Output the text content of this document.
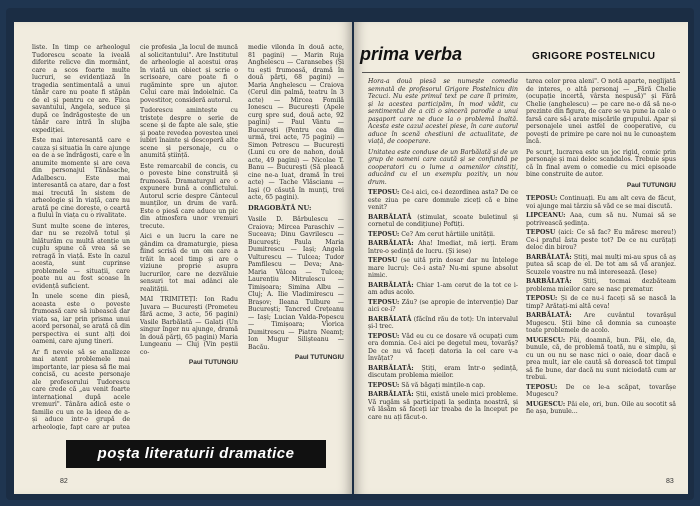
liste. În timp ce arheologul Tudorescu scoate la iveală diferite relicve din mormânt, care a scos foarte multe lucruri, se evidențiază în tragedia sentimentală a unui tânăr care nu poate fi stăpân de el și pentru ce are. Fiica savantului, Angela, seduce și după ce îndrăgostește de un tânăr care intră în slujba expediției.

Este mai interesantă care e cauza și situația în care ajunge ea de a se îndrăgosti, care e în anumite momente și are ceva din personajul Tănăsache, Adalbescu. Este mai interesantă ca atare, dar a fost mai trecută în sistem de arheologie și în viață, care nu arată pe cine dorește, o ceartă a fiului în viața cu o rivalitate.

Sunt multe scene de interes, dar nu se rezolvă totul și înlăturăm cu multă atenție un cuplu spune că vrea să se retragă în viață. Este în cazul acesta, sunt cuprinse problemele — situații, care poate nu au fost scoase în evidență suficient.

În unele scene din piesă, aceasta este o poveste frumoasă care să iubească dar viața sa, iar prin prisma unui acord personal, se arată că din perspectiva ei sunt alți doi oameni, care ajung tineri.

Ar fi nevoie să se analizeze mai atent problemele mai importante, iar piesa să fie mai concisă, cu aceste personaje ale profesorului Tudorescu care crede că „au venit foarte internațional după acele vremuri". Tânăra adică este o familie cu un ce la ideea de a-și aduce intr-o grupă de arheologie, fapt care ar putea

cie profesia „la locul de muncă al solicitantului". Are Institutul de arheologie al acestui oraș în viață un obiect și scrie o scrisoare, care poate fi o rugăminte spre un ajutor. Celui care mai îndoielnic. Ca povestitor, consideră autorul.

Tudorescu amintește cu tristețe despre o serie de scene și de fapte ale sale, știe și poate revedea povestea unei iubiri înainte și descoperă alte scene și personaje, cu o anumită știință.

Este remarcabil de concis, cu o poveste bine construită și frumoasă. Dramaturgul are o expunere bună a conflictului. Autorul scrie despre Cântecul munților, un drum de vară. Este o piesă care aduce un pic din atmosfera unor vremuri trecute.

Aici e un lucru la care ne gândim ca dramaturgie, piesa fiind scrisă de un om care a trăit în acel timp și are o viziune proprie asupra lucrurilor, care ne dezvăluie sensuri tot mai adânci ale realității.

MAI TRIMITEȚI: Ion Radu Juvara — București (Prometeu fără acme, 3 acte, 56 pagini) Vasile Barbălată — Galați (Un singur înger nu ajunge, dramă în două părți, 65 pagini) Maria Lungeanu — Cluj (Vin peștii co-

Paul TUTUNGIU

medie vilonda în două acte, 81 pagini) — Marin Ruja Anghelescu — Caransebeș (Și tu ești frumoasă, dramă în două părți, 68 pagini) — Maria Anghelescu — Craiova (Cerul din palmă, teatru în 3 acte) — Mircea Fomilă Ionescu — București (Apele curg spre sud, două acte, 92 pagini) — Paul Vântu — București (Pentru cea din urmă, trei acte, 75 pagini) — Simon Petrescu — București (Luni cu ore de nahon, două acte, 49 pagini) — Nicolae T. Banu — București (Să pleacă cine ne-a luat, dramă în trei acte) — Tache Vlăscianu — Iași (O căsuță în munți, trei acte, 65 pagini).

DRAGOBĂTĂ NU:

Vasile D. Bărbulescu — Craiova; Mircea Paraschiv — Suceava; Dinu Gavrilescu — București; Paula Maria Dumitrescu — Iași; Angela Vulturescu — Tulcea; Tudor Pamfilescu — Deva; Ana-Maria Vâlcea — Tulcea; Laurențiu Mitrulescu — Timișoara; Simina Albu — Cluj; A. Ilie Vladimirescu — Brașov; Ileana Tulbure — București; Tancred Crețeanu — Iași; Lucian Valda-Popescu — Timișoara; Viorica Dumitrescu — Piatra Neamț; Ion Mugur Silișteanu — Bacău.

Paul TUTUNGIU
poșta literaturii dramatice
82
prima verba	GRIGORE POSTELNICU

Hora-a două piesă se numește comedia semnată de profesorul Grigore Postelnicu din Tecuci. Nu este primul text pe care îl primim, și la acestea participăm, în mod vădit, cu sentimentul de a citi o sinceră parodie a unui pașaport care ne duce la o problemă înaltă. Acesta este cazul acestei piese, în care autorul aduce în scenă chestiuni de actualitate, de viață, de cooperare.

Unitatea este conduse de un Barbălată și de un grup de oameni care caută și se confundă pe cooperatori cu o lume a oamenilor cinstiți, aducând cu el un exemplu pozitiv, un nou drum.

TEPOSU: Ce-i aici, ce-i dezordinea asta? De ce este ziua pe care domnule ziceți că e bine venit?

BARBĂLATĂ (stimulat, scoate buletinul și cornetul de condițiune) Poftiți.

TEPOSU: Ce? Am cerut hârtiile unității.

BARBĂLATĂ: Aha! Imediat, mă ierți. Eram între-o ședință de lucru. (Și iese)

TEPOSU (se uită prin dosar dar nu înțelege mare lucru): Ce-i asta? Nu-mi spune absolut nimic.

BARBĂLATĂ: Chiar 1-am cerut de la tot ce i-am adus acolo.

TEPOSU: Zău? (se apropie de intervenție) Dar aici ce-i?

BARBĂLATĂ (făcînd rău de tot): Un intervalul și-l trec.

TEPOSU: Văd eu cu ce dosare vă ocupați cum era domnia. Ce-i aici pe degetul meu, tovarăș? De ce nu vă faceți datoria la cel care v-a învățat?

BARBĂLATĂ: Știți, eram într-o ședință, discutam problema mieilor.

TEPOSU: Să vă băgați mințile-n cap.

BARBĂLATĂ: Știi, există unele mici probleme. Vă rugăm să participați la ședința noastră, și vă lăsăm să faceți iar treaba de la început pe care nu ați făcut-o.

tarea celor prea aleni". O notă aparte, neglijată de interes, o altă personaj — „Fără Chelie (ocupație incertă, vârsta nespusă)" și Fără Chelie (anghelescu) — pe care ne-o dă să ne-o prezinte din figura, de care se va pune la cale o farsă care să-i arate mișcările grupului. Apar și personajele unei astfel de cooperative, cu povești de primire pe care noi nu le cunoaștem încă.

Pe scurt, lucrarea este un joc rigid, comic prin personaje și mai deloc scandalos. Trebuie spus că în final avem o comedie cu mici episoade bine construite de autor.

Paul TUTUNGIU

TEPOSU: Continuați. Eu am alt ceva de făcut, voi ajunge mai târziu să văd ce se mai discută.

LIPCEANU: Aaa, cum să nu. Numai să se potrivească ședința.

TEPOSU (aici: Ce să fac? Eu măresc mereu!) Ce-i praful ăsta peste tot? De ce nu curățați deloc din birou?

BARBĂLATĂ: Știți, mai mulți mi-au spus că aș putea să scap de el. De tot am să vă aranjez. Scuzele voastre nu mă interesează. (Iese)

BARBĂLATĂ: Știți, tocmai dezbăteam problema mieilor care se nasc prematur.

TEPOSU: Și de ce nu-i faceți să se nască la timp? Arătați-mi altă ceva!

BARBĂLATĂ: Are cuvântul tovarășul Mugescu. Știi bine că domnia sa cunoaște toate problemele de acolo.

MUGESCU: Păi, doamnă, bun. Păi, ele, da, bunule, că, de problemă toată, nu e simplu, și cu un ou nu se nasc nici o oaie, doar dacă e prea mult, iar ele caută să dorească tot timpul să fie bune, dar dacă nu sunt niciodată cum ar trebui.

TEPOSU: De ce le-a scăpat, tovarășe Mugescu?

MUGESCU: Păi ele, ori, bun. Oile au socotit să fie așa, bunule...

83
